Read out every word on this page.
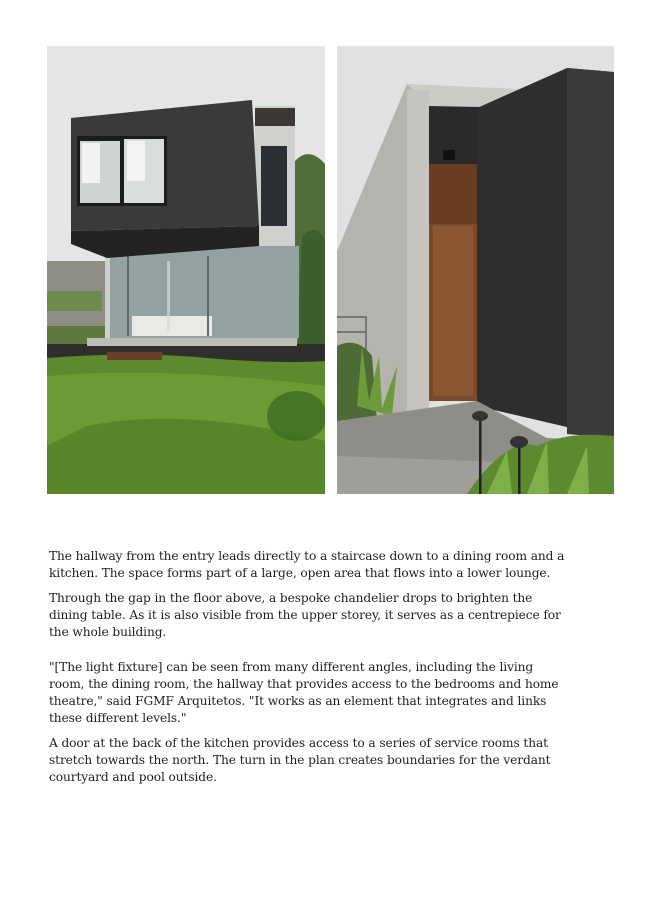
The hallway from the entry leads directly to a staircase down to a dining room and a kitchen. The space forms part of a large, open area that flows into a lower lounge.

Through the gap in the floor above, a bespoke chandelier drops to brighten the dining table. As it is also visible from the upper storey, it serves as a centrepiece for the whole building.

"[The light fixture] can be seen from many different angles, including the living room, the dining room, the hallway that provides access to the bedrooms and home theatre," said FGMF Arquitetos. "It works as an element that integrates and links these different levels."

A door at the back of the kitchen provides access to a series of service rooms that stretch towards the north. The turn in the plan creates boundaries for the verdant courtyard and pool outside.
